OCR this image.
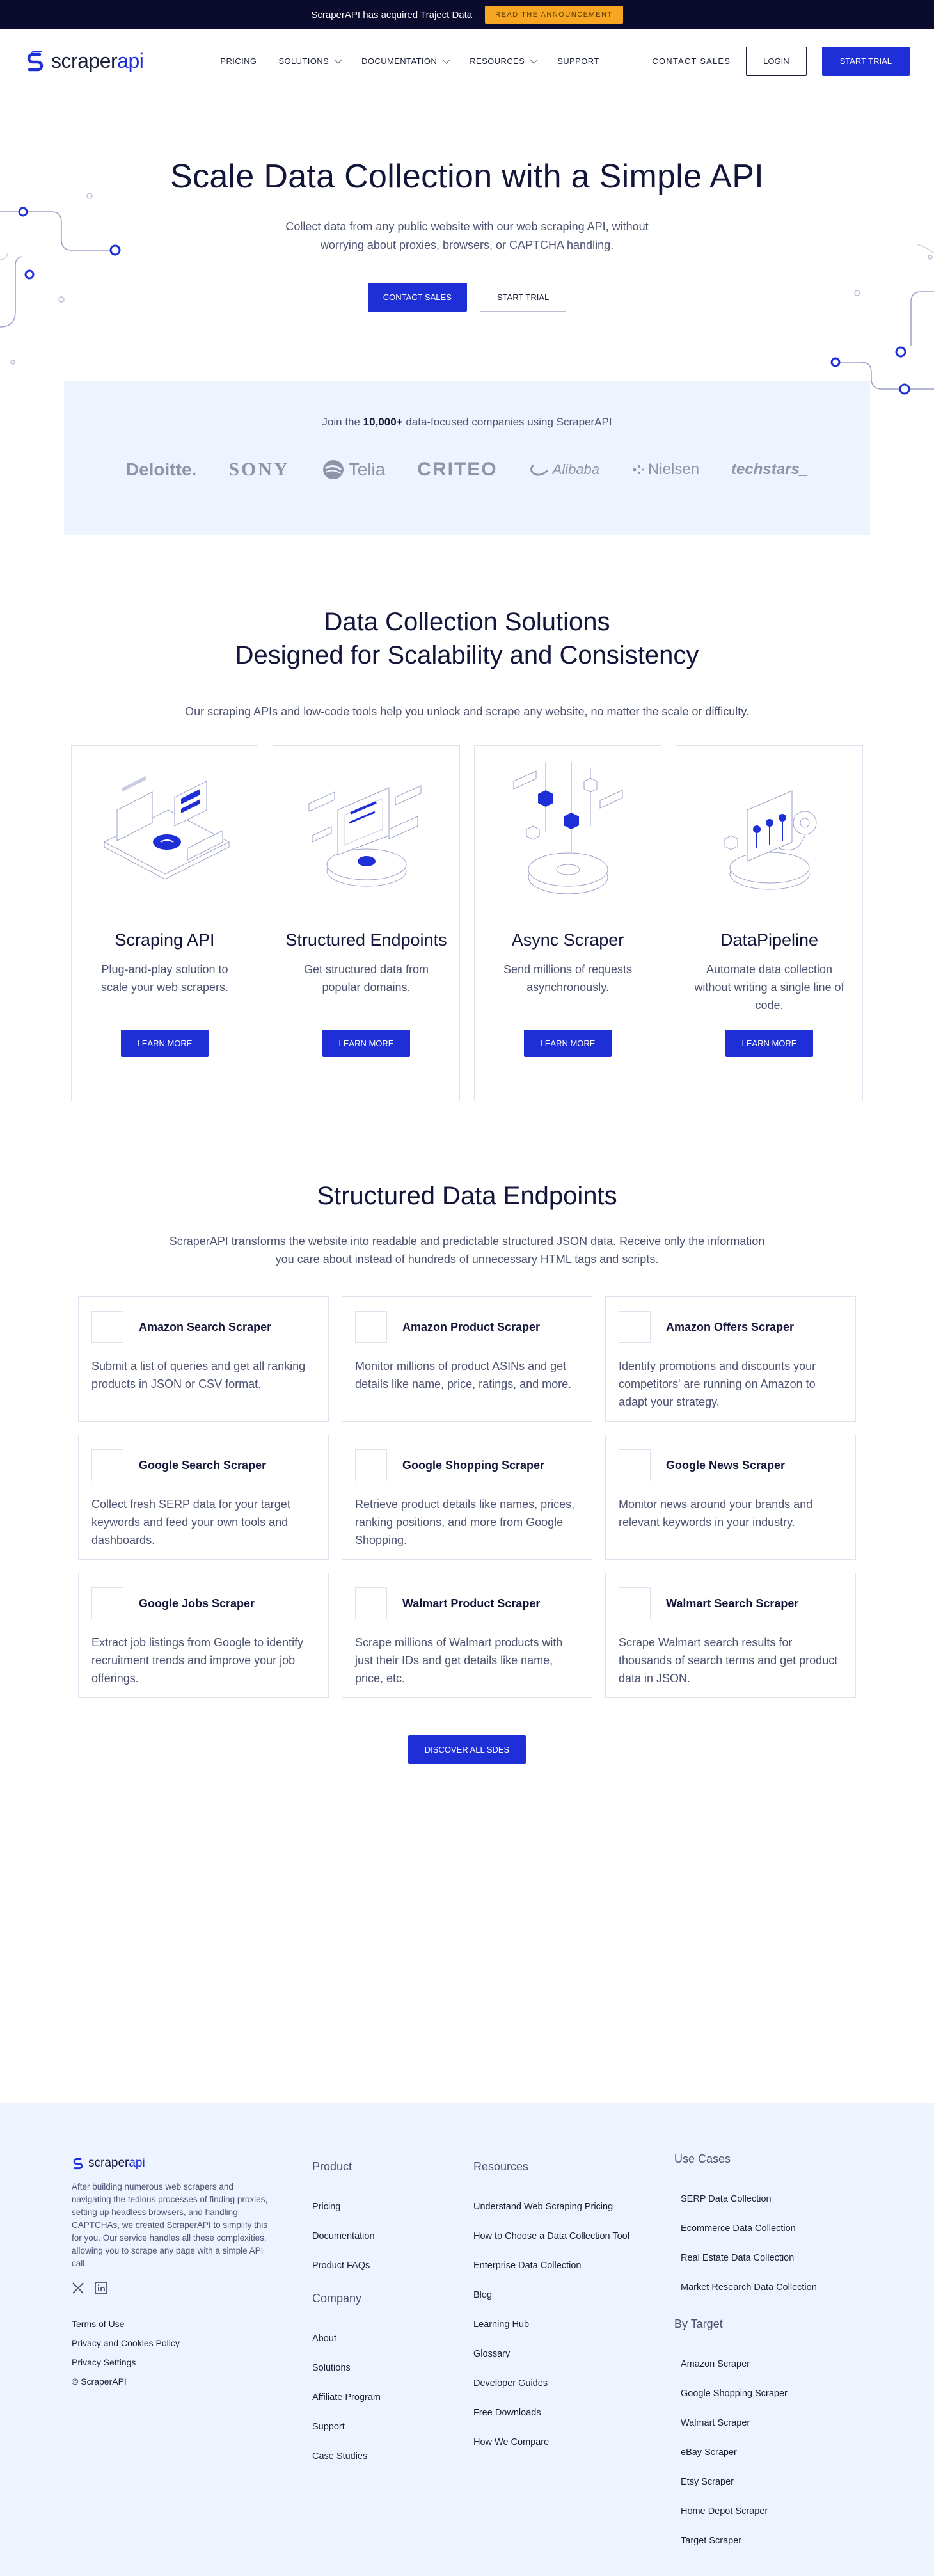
ScraperAPI has acquired Traject Data	READ THE ANNOUNCEMENT
scraperapi	PRICING	SOLUTIONS	DOCUMENTATION	RESOURCES	SUPPORT	CONTACT SALES	LOGIN	START TRIAL
Scale Data Collection with a Simple API

Collect data from any public website with our web scraping API, without worrying about proxies, browsers, or CAPTCHA handling.

CONTACT SALES	START TRIAL
Join the 10,000+ data-focused companies using ScraperAPI
Deloitte. SONY	Telia CRITEO	Alibaba	Nielsen techstars_
Data Collection Solutions
Designed for Scalability and Consistency
Our scraping APIs and low-code tools help you unlock and scrape any website, no matter the scale or difficulty.
Scraping API

Plug-and-play solution to scale your web scrapers.

LEARN MORE
Structured Endpoints

Get structured data from popular domains.

LEARN MORE
Async Scraper

Send millions of requests asynchronously.

LEARN MORE
DataPipeline

Automate data collection without writing a single line of code.

LEARN MORE
Structured Data Endpoints
ScraperAPI transforms the website into readable and predictable structured JSON data. Receive only the information you care about instead of hundreds of unnecessary HTML tags and scripts.
Amazon Search Scraper
Submit a list of queries and get all ranking products in JSON or CSV format.
Amazon Product Scraper
Monitor millions of product ASINs and get details like name, price, ratings, and more.
Amazon Offers Scraper
Identify promotions and discounts your competitors' are running on Amazon to adapt your strategy.
Google Search Scraper
Collect fresh SERP data for your target keywords and feed your own tools and dashboards.
Google Shopping Scraper
Retrieve product details like names, prices, ranking positions, and more from Google Shopping.
Google News Scraper
Monitor news around your brands and relevant keywords in your industry.
Google Jobs Scraper
Extract job listings from Google to identify recruitment trends and improve your job offerings.
Walmart Product Scraper
Scrape millions of Walmart products with just their IDs and get details like name, price, etc.
Walmart Search Scraper
Scrape Walmart search results for thousands of search terms and get product data in JSON.
DISCOVER ALL SDES
scraper api
After building numerous web scrapers and navigating the tedious processes of finding proxies, setting up headless browsers, and handling CAPTCHAs, we created ScraperAPI to simplify this for you. Our service handles all these complexities, allowing you to scrape any page with a simple API call.
Terms of Use
Privacy and Cookies Policy
Privacy Settings
© ScraperAPI
Product
Pricing
Documentation
Product FAQs
Company
About
Solutions
Affiliate Program
Support
Case Studies
Resources
Understand Web Scraping Pricing
How to Choose a Data Collection Tool
Enterprise Data Collection
Blog
Learning Hub
Glossary
Developer Guides
Free Downloads
How We Compare
Use Cases
SERP Data Collection
Ecommerce Data Collection
Real Estate Data Collection
Market Research Data Collection
By Target
Amazon Scraper
Google Shopping Scraper
Walmart Scraper
eBay Scraper
Etsy Scraper
Home Depot Scraper
Target Scraper
